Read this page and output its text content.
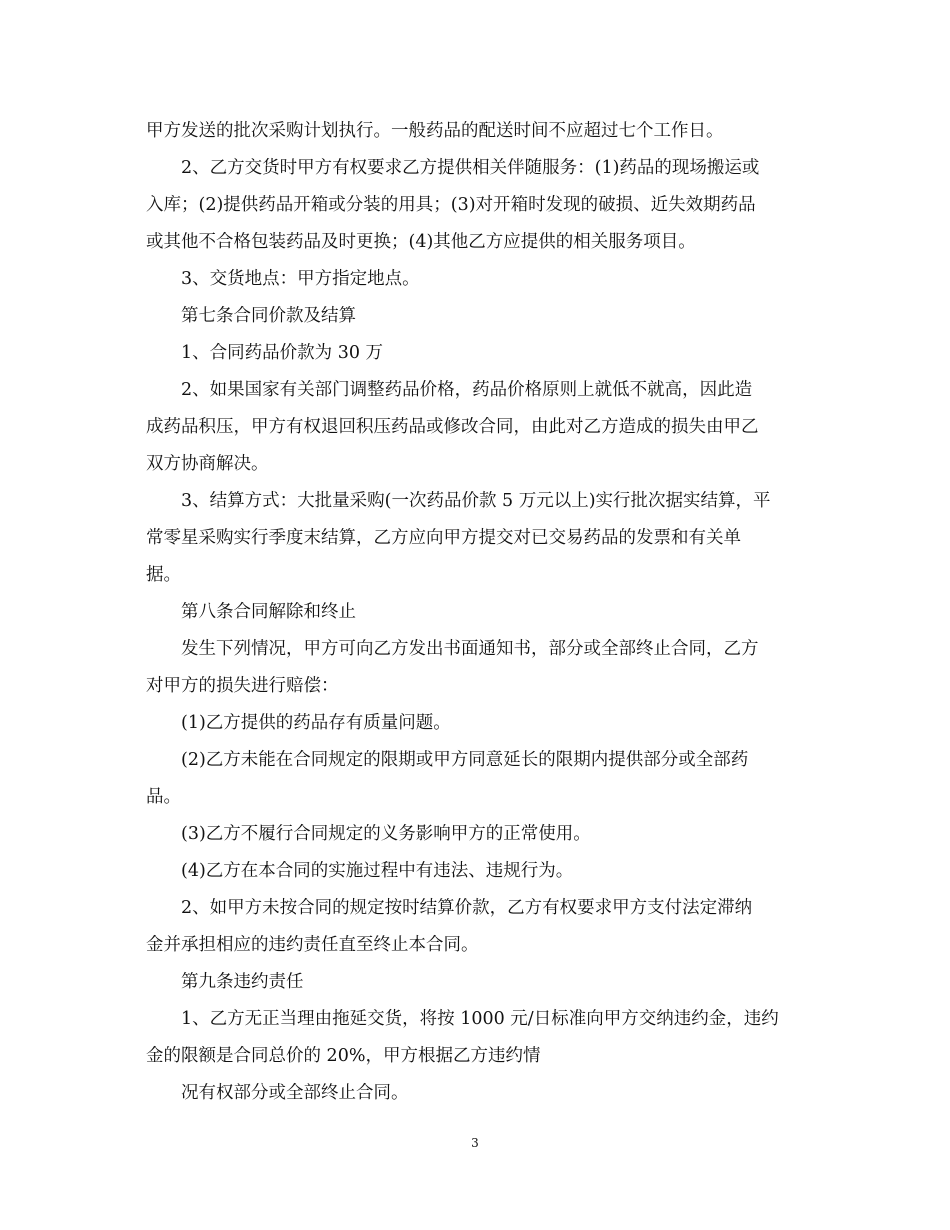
甲方发送的批次采购计划执行。一般药品的配送时间不应超过七个工作日。
2、乙方交货时甲方有权要求乙方提供相关伴随服务：(1)药品的现场搬运或
入库；(2)提供药品开箱或分装的用具；(3)对开箱时发现的破损、近失效期药品
或其他不合格包装药品及时更换；(4)其他乙方应提供的相关服务项目。
3、交货地点：甲方指定地点。
第七条合同价款及结算
1、合同药品价款为 30 万
2、如果国家有关部门调整药品价格，药品价格原则上就低不就高，因此造
成药品积压，甲方有权退回积压药品或修改合同，由此对乙方造成的损失由甲乙
双方协商解决。
3、结算方式：大批量采购(一次药品价款 5 万元以上)实行批次据实结算，平
常零星采购实行季度末结算，乙方应向甲方提交对已交易药品的发票和有关单
据。
第八条合同解除和终止
发生下列情况，甲方可向乙方发出书面通知书，部分或全部终止合同，乙方
对甲方的损失进行赔偿：
(1)乙方提供的药品存有质量问题。
(2)乙方未能在合同规定的限期或甲方同意延长的限期内提供部分或全部药
品。
(3)乙方不履行合同规定的义务影响甲方的正常使用。
(4)乙方在本合同的实施过程中有违法、违规行为。
2、如甲方未按合同的规定按时结算价款，乙方有权要求甲方支付法定滞纳
金并承担相应的违约责任直至终止本合同。
第九条违约责任
1、乙方无正当理由拖延交货，将按 1000 元/日标准向甲方交纳违约金，违约
金的限额是合同总价的 20%，甲方根据乙方违约情
况有权部分或全部终止合同。
3
